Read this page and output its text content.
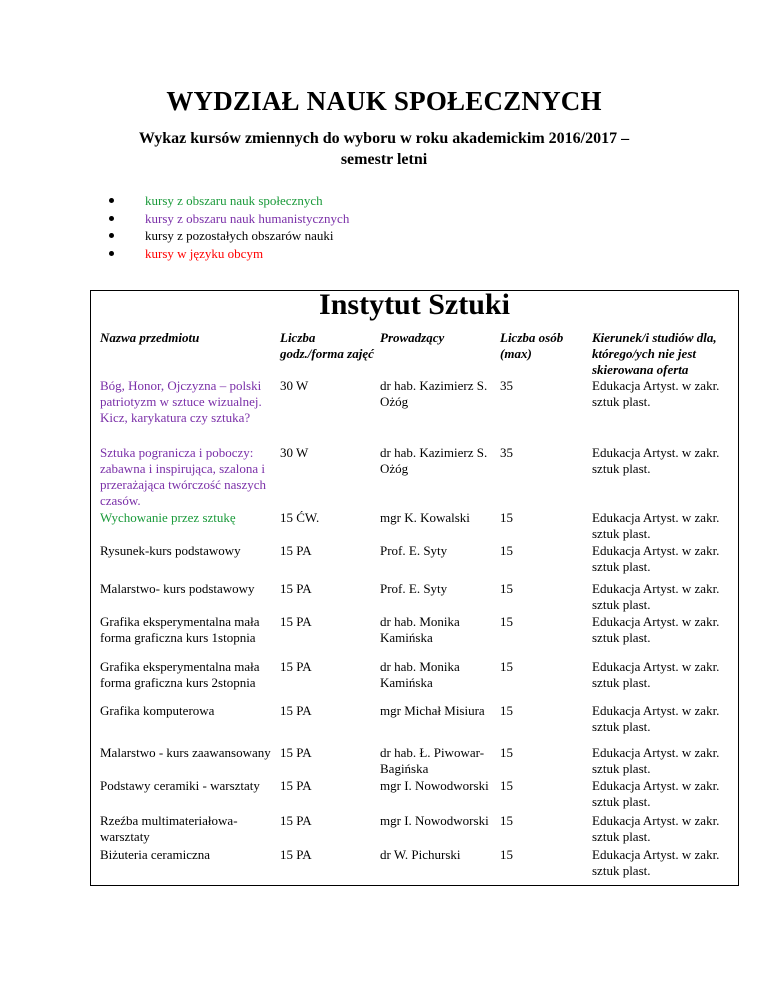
WYDZIAŁ NAUK SPOŁECZNYCH

Wykaz kursów zmiennych do wyboru w roku akademickim 2016/2017 –
semestr letni

kursy z obszaru nauk społecznych
kursy z obszaru nauk humanistycznych
kursy z pozostałych obszarów nauki
kursy w języku obcym
Instytut Sztuki
Nazwa przedmiotu	Liczba godz./forma zajęć	Prowadzący	Liczba osób (max)	Kierunek/i studiów dla, którego/ych nie jest skierowana oferta
Bóg, Honor, Ojczyzna – polski patriotyzm w sztuce wizualnej. Kicz, karykatura czy sztuka?	30 W	dr hab. Kazimierz S. Ożóg	35	Edukacja Artyst. w zakr. sztuk plast.
Sztuka pogranicza i poboczy: zabawna i inspirująca, szalona i przerażająca twórczość naszych czasów.	30 W	dr hab. Kazimierz S. Ożóg	35	Edukacja Artyst. w zakr. sztuk plast.
Wychowanie przez sztukę	15 ĆW.	mgr K. Kowalski	15	Edukacja Artyst. w zakr. sztuk plast.
Rysunek-kurs podstawowy	15 PA	Prof. E. Syty	15	Edukacja Artyst. w zakr. sztuk plast.
Malarstwo- kurs podstawowy	15 PA	Prof. E. Syty	15	Edukacja Artyst. w zakr. sztuk plast.
Grafika eksperymentalna mała forma graficzna kurs 1stopnia	15 PA	dr hab. Monika Kamińska	15	Edukacja Artyst. w zakr. sztuk plast.
Grafika eksperymentalna mała forma graficzna kurs 2stopnia	15 PA	dr hab. Monika Kamińska	15	Edukacja Artyst. w zakr. sztuk plast.
Grafika komputerowa	15 PA	mgr Michał Misiura	15	Edukacja Artyst. w zakr. sztuk plast.
Malarstwo - kurs zaawansowany	15 PA	dr hab. Ł. Piwowar-Bagińska	15	Edukacja Artyst. w zakr. sztuk plast.
Podstawy ceramiki - warsztaty	15 PA	mgr I. Nowodworski	15	Edukacja Artyst. w zakr. sztuk plast.
Rzeźba multimateriałowa- warsztaty	15 PA	mgr I. Nowodworski	15	Edukacja Artyst. w zakr. sztuk plast.
Biżuteria ceramiczna	15 PA	dr W. Pichurski	15	Edukacja Artyst. w zakr. sztuk plast.
